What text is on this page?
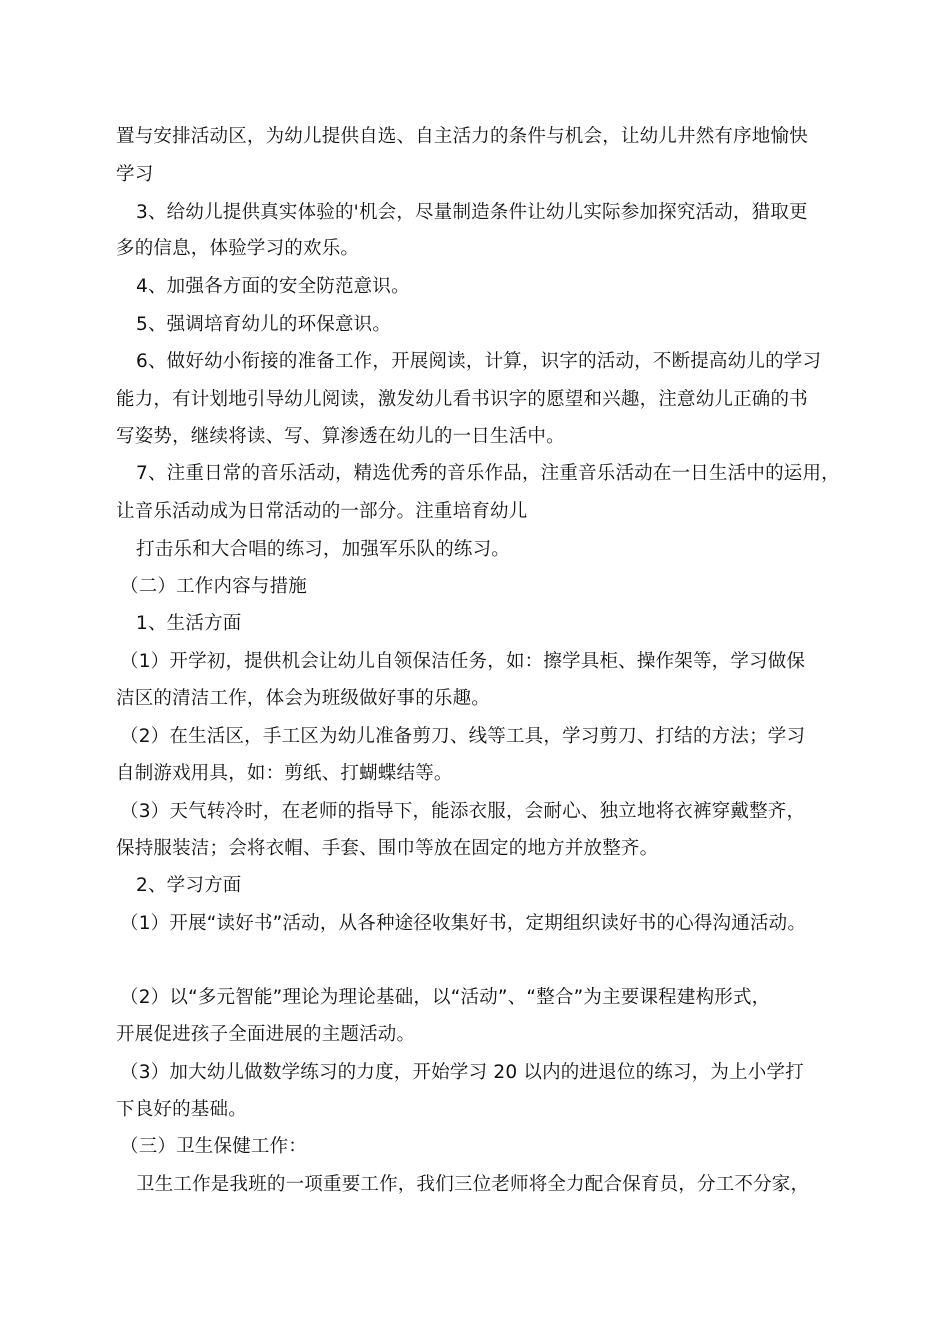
置与安排活动区，为幼儿提供自选、自主活力的条件与机会，让幼儿井然有序地愉快
学习
3、给幼儿提供真实体验的'机会，尽量制造条件让幼儿实际参加探究活动，猎取更
多的信息，体验学习的欢乐。
4、加强各方面的安全防范意识。
5、强调培育幼儿的环保意识。
6、做好幼小衔接的准备工作，开展阅读，计算，识字的活动，不断提高幼儿的学习
能力，有计划地引导幼儿阅读，激发幼儿看书识字的愿望和兴趣，注意幼儿正确的书
写姿势，继续将读、写、算渗透在幼儿的一日生活中。
7、注重日常的音乐活动，精选优秀的音乐作品，注重音乐活动在一日生活中的运用，
让音乐活动成为日常活动的一部分。注重培育幼儿
打击乐和大合唱的练习，加强军乐队的练习。
（二）工作内容与措施
1、生活方面
（1）开学初，提供机会让幼儿自领保洁任务，如：擦学具柜、操作架等，学习做保
洁区的清洁工作，体会为班级做好事的乐趣。
（2）在生活区，手工区为幼儿准备剪刀、线等工具，学习剪刀、打结的方法；学习
自制游戏用具，如：剪纸、打蝴蝶结等。
（3）天气转冷时，在老师的指导下，能添衣服，会耐心、独立地将衣裤穿戴整齐，
保持服装洁；会将衣帽、手套、围巾等放在固定的地方并放整齐。
2、学习方面
（1）开展“读好书”活动，从各种途径收集好书，定期组织读好书的心得沟通活动。
（2）以“多元智能”理论为理论基础，以“活动”、“整合”为主要课程建构形式，
开展促进孩子全面进展的主题活动。
（3）加大幼儿做数学练习的力度，开始学习 20 以内的进退位的练习，为上小学打
下良好的基础。
（三）卫生保健工作：
卫生工作是我班的一项重要工作，我们三位老师将全力配合保育员，分工不分家，
